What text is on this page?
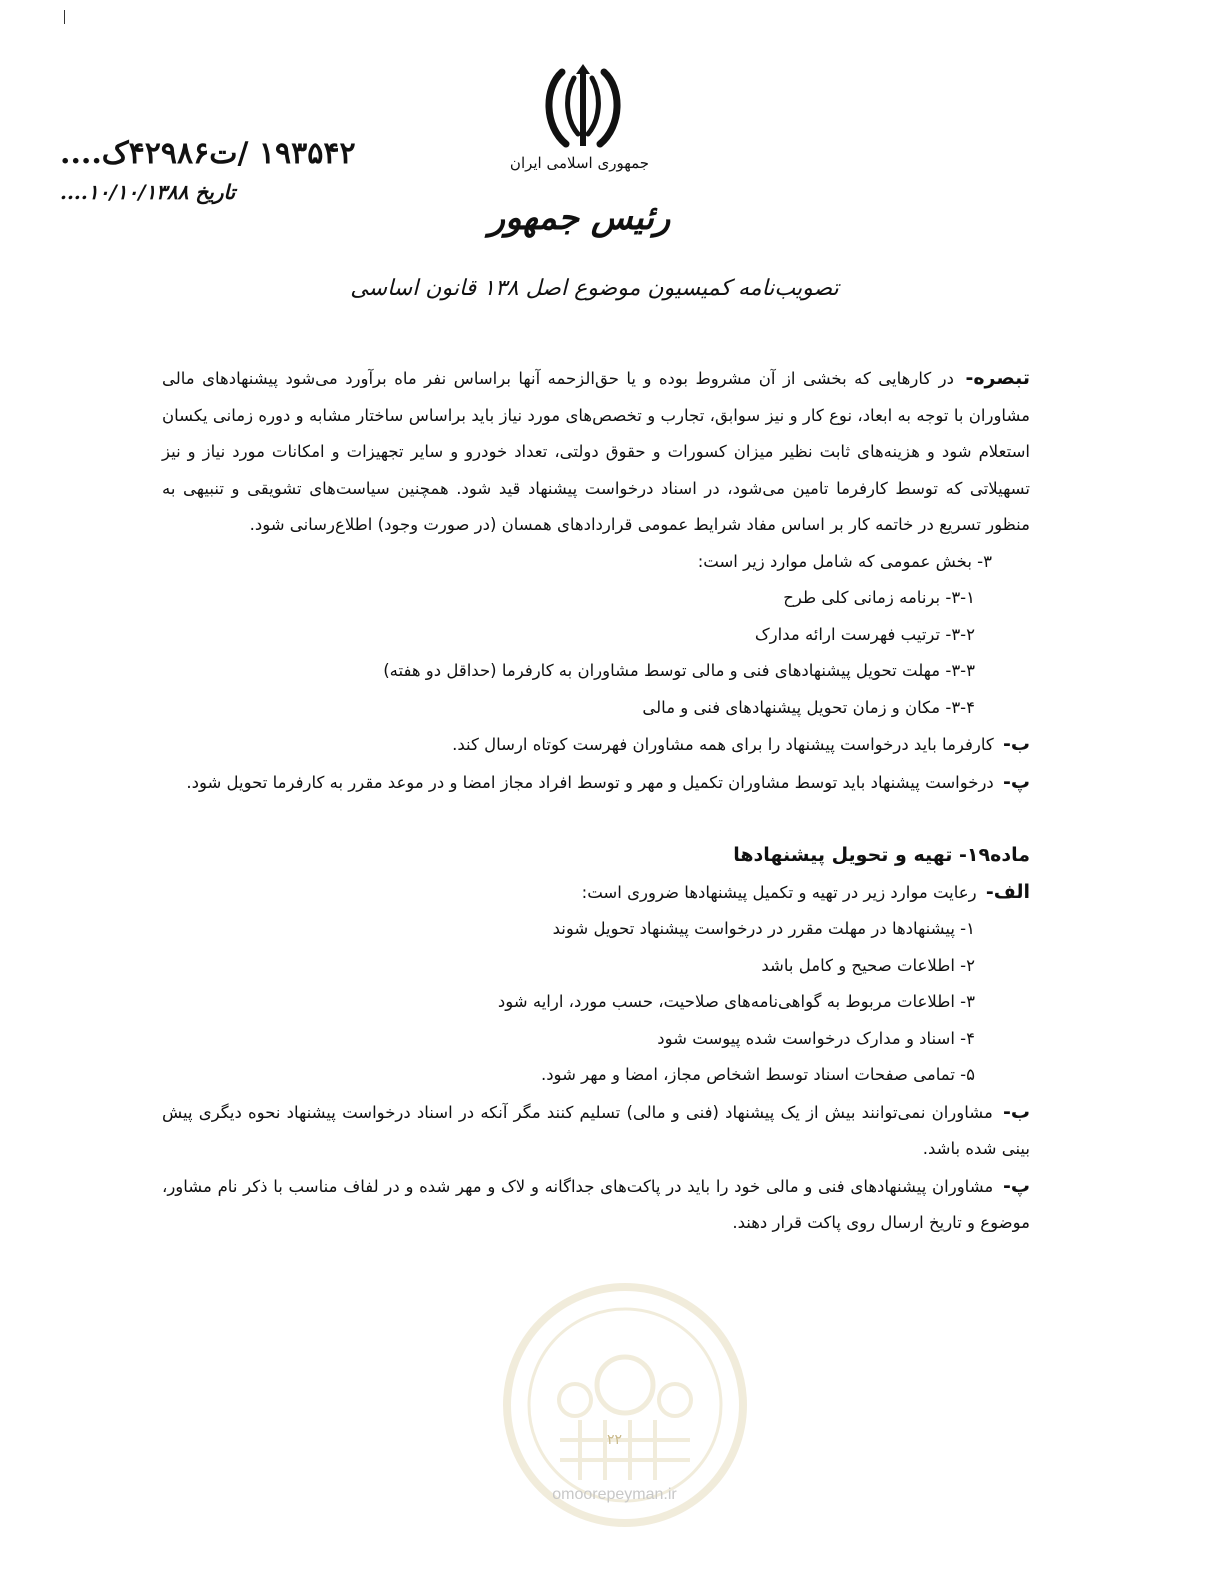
جمهوری اسلامی ایران
رئیس جمهور
تصویب‌نامه کمیسیون موضوع اصل ۱۳۸ قانون اساسی
۱۹۳۵۴۲ /ت۴۲۹۸۶ک....
تاریخ ۱۰/۱۰/۱۳۸۸....

تبصره- در کارهایی که بخشی از آن مشروط بوده و یا حق‌الزحمه آنها براساس نفر ماه برآورد می‌شود پیشنهادهای مالی مشاوران با توجه به ابعاد، نوع کار و نیز سوابق، تجارب و تخصص‌های مورد نیاز باید براساس ساختار مشابه و دوره زمانی یکسان استعلام شود و هزینه‌های ثابت نظیر میزان کسورات و حقوق دولتی، تعداد خودرو و سایر تجهیزات و امکانات مورد نیاز و نیز تسهیلاتی که توسط کارفرما تامین می‌شود، در اسناد درخواست پیشنهاد قید شود. همچنین سیاست‌های تشویقی و تنبیهی به منظور تسریع در خاتمه کار بر اساس مفاد شرایط عمومی قراردادهای همسان (در صورت وجود) اطلاع‌رسانی شود.

۳- بخش عمومی که شامل موارد زیر است:

۳-۱- برنامه زمانی کلی طرح

۳-۲- ترتیب فهرست ارائه مدارک

۳-۳- مهلت تحویل پیشنهادهای فنی و مالی توسط مشاوران به کارفرما (حداقل دو هفته)

۳-۴- مکان و زمان تحویل پیشنهادهای فنی و مالی

ب- کارفرما باید درخواست پیشنهاد را برای همه مشاوران فهرست کوتاه ارسال کند.

پ- درخواست پیشنهاد باید توسط مشاوران تکمیل و مهر و توسط افراد مجاز امضا و در موعد مقرر به کارفرما تحویل شود.

ماده۱۹- تهیه و تحویل پیشنهادها

الف- رعایت موارد زیر در تهیه و تکمیل پیشنهادها ضروری است:

۱- پیشنهادها در مهلت مقرر در درخواست پیشنهاد تحویل شوند

۲- اطلاعات صحیح و کامل باشد

۳- اطلاعات مربوط به گواهی‌نامه‌های صلاحیت، حسب مورد، ارایه شود

۴- اسناد و مدارک درخواست شده پیوست شود

۵- تمامی صفحات اسناد توسط اشخاص مجاز، امضا و مهر شود.

ب- مشاوران نمی‌توانند بیش از یک پیشنهاد (فنی و مالی) تسلیم کنند مگر آنکه در اسناد درخواست پیشنهاد نحوه دیگری پیش بینی شده باشد.

پ- مشاوران پیشنهادهای فنی و مالی خود را باید در پاکت‌های جداگانه و لاک و مهر شده و در لفاف مناسب با ذکر نام مشاور، موضوع و تاریخ ارسال روی پاکت قرار دهند.

۲۲
omoorepeyman.ir
